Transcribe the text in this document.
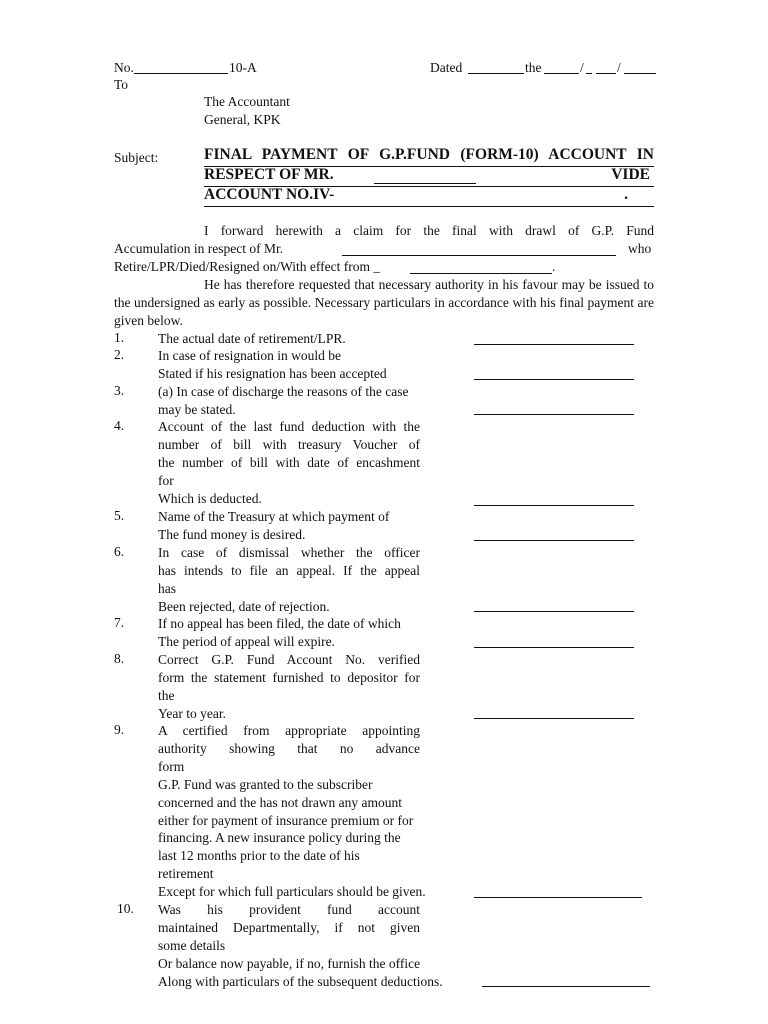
No.	10-A	Dated	the	/ /
To
The Accountant
General, KPK
Subject:	FINAL PAYMENT OF G.P.FUND (FORM-10) ACCOUNT IN
RESPECT OF MR.	VIDE
ACCOUNT NO.IV-	.
I forward herewith a claim for the final with drawl of G.P. Fund
Accumulation in respect of Mr.	who
Retire/LPR/Died/Resigned on/With effect from _	.
He has therefore requested that necessary authority in his favour may be issued to the undersigned as early as possible. Necessary particulars in accordance with his final payment are given below.
1.	The actual date of retirement/LPR.
2.	In case of resignation in would be
Stated if his resignation has been accepted
3.	(a) In case of discharge the reasons of the case
may be stated.
4.	Account of the last fund deduction with the
number of bill with treasury Voucher of
the number of bill with date of encashment
for
Which is deducted.
5.	Name of the Treasury at which payment of
The fund money is desired.
6.	In case of dismissal whether the officer
has intends to file an appeal. If the appeal
has
Been rejected, date of rejection.
7.	If no appeal has been filed, the date of which
The period of appeal will expire.
8.	Correct G.P. Fund Account No. verified
form the statement furnished to depositor for
the
Year to year.
9.	A certified from appropriate appointing
authority showing that no advance
form
G.P. Fund was granted to the subscriber
concerned and the has not drawn any amount
either for payment of insurance premium or for
financing. A new insurance policy during the
last 12 months prior to the date of his
retirement
Except for which full particulars should be given.
10. Was his provident fund account
maintained Departmentally, if not given
some details
Or balance now payable, if no, furnish the office
Along with particulars of the subsequent deductions.
